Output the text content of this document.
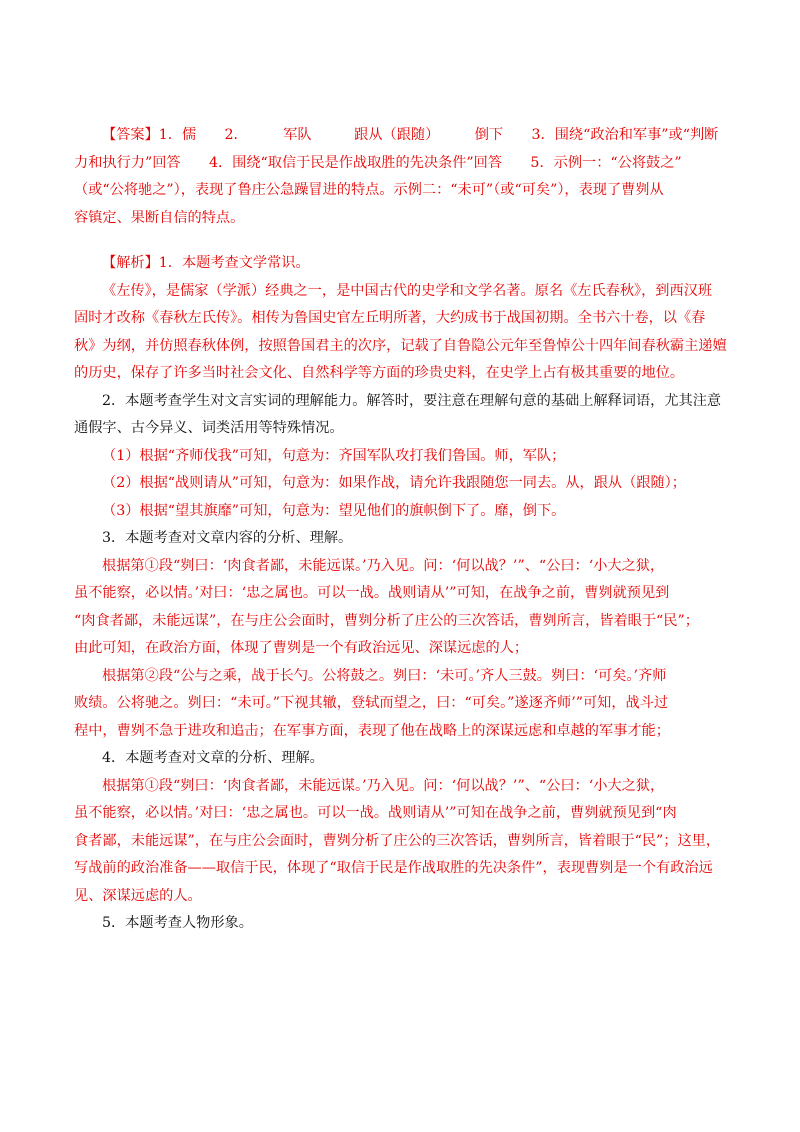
【答案】1．儒　　2．　　　军队　　　跟从（跟随）　　　倒下　　3．围绕“政治和军事”或“判断
力和执行力”回答　　4．围绕“取信于民是作战取胜的先决条件”回答　　5．示例一：“公将鼓之”
（或“公将驰之”），表现了鲁庄公急躁冒进的特点。示例二：“未可”（或“可矣”），表现了曹刿从
容镇定、果断自信的特点。
【解析】1．本题考查文学常识。
《左传》，是儒家（学派）经典之一，是中国古代的史学和文学名著。原名《左氏春秋》，到西汉班
固时才改称《春秋左氏传》。相传为鲁国史官左丘明所著，大约成书于战国初期。全书六十卷，以《春
秋》为纲，并仿照春秋体例，按照鲁国君主的次序，记载了自鲁隐公元年至鲁悼公十四年间春秋霸主递嬗
的历史，保存了许多当时社会文化、自然科学等方面的珍贵史料，在史学上占有极其重要的地位。
2．本题考查学生对文言实词的理解能力。解答时，要注意在理解句意的基础上解释词语，尤其注意
通假字、古今异义、词类活用等特殊情况。
（1）根据“齐师伐我”可知，句意为：齐国军队攻打我们鲁国。师，军队；
（2）根据“战则请从”可知，句意为：如果作战，请允许我跟随您一同去。从，跟从（跟随）；
（3）根据“望其旗靡”可知，句意为：望见他们的旗帜倒下了。靡，倒下。
3．本题考查对文章内容的分析、理解。
根据第①段“刿曰：‘肉食者鄙，未能远谋。’乃入见。问：‘何以战？’”、“公曰：‘小大之狱，
虽不能察，必以情。’对曰：‘忠之属也。可以一战。战则请从’”可知，在战争之前，曹刿就预见到
“肉食者鄙，未能远谋”，在与庄公会面时，曹刿分析了庄公的三次答话，曹刿所言，皆着眼于“民”；
由此可知，在政治方面，体现了曹刿是一个有政治远见、深谋远虑的人；
根据第②段“公与之乘，战于长勺。公将鼓之。刿曰：‘未可。’齐人三鼓。刿曰：‘可矣。’齐师
败绩。公将驰之。刿曰：“未可。”下视其辙，登轼而望之，曰：“可矣。”遂逐齐师’”可知，战斗过
程中，曹刿不急于进攻和追击；在军事方面，表现了他在战略上的深谋远虑和卓越的军事才能；
4．本题考查对文章的分析、理解。
根据第①段“刿曰：‘肉食者鄙，未能远谋。’乃入见。问：‘何以战？’”、“公曰：‘小大之狱，
虽不能察，必以情。’对曰：‘忠之属也。可以一战。战则请从’”可知在战争之前，曹刿就预见到“肉
食者鄙，未能远谋”，在与庄公会面时，曹刿分析了庄公的三次答话，曹刿所言，皆着眼于“民”；这里，
写战前的政治准备——取信于民，体现了“取信于民是作战取胜的先决条件”，表现曹刿是一个有政治远
见、深谋远虑的人。
5．本题考查人物形象。
